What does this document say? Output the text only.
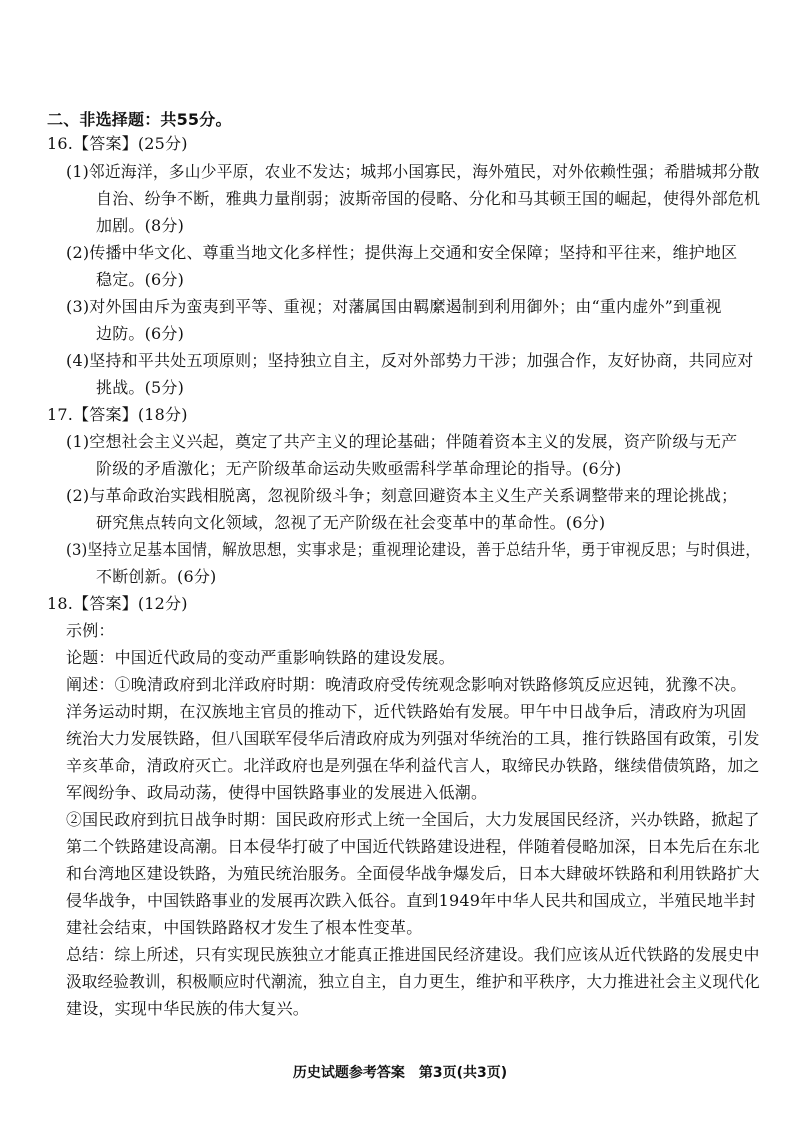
二、非选择题：共55分。
16.【答案】(25分)
(1)邻近海洋，多山少平原，农业不发达；城邦小国寡民，海外殖民，对外依赖性强；希腊城邦分散
自治、纷争不断，雅典力量削弱；波斯帝国的侵略、分化和马其顿王国的崛起，使得外部危机
加剧。(8分)
(2)传播中华文化、尊重当地文化多样性；提供海上交通和安全保障；坚持和平往来，维护地区
稳定。(6分)
(3)对外国由斥为蛮夷到平等、重视；对藩属国由羁縻遏制到利用御外；由“重内虚外”到重视
边防。(6分)
(4)坚持和平共处五项原则；坚持独立自主，反对外部势力干涉；加强合作，友好协商，共同应对
挑战。(5分)
17.【答案】(18分)
(1)空想社会主义兴起，奠定了共产主义的理论基础；伴随着资本主义的发展，资产阶级与无产
阶级的矛盾激化；无产阶级革命运动失败亟需科学革命理论的指导。(6分)
(2)与革命政治实践相脱离，忽视阶级斗争；刻意回避资本主义生产关系调整带来的理论挑战；
研究焦点转向文化领域，忽视了无产阶级在社会变革中的革命性。(6分)
(3)坚持立足基本国情，解放思想，实事求是；重视理论建设，善于总结升华，勇于审视反思；与时俱进，
不断创新。(6分)
18.【答案】(12分)
示例：
论题：中国近代政局的变动严重影响铁路的建设发展。
阐述：①晚清政府到北洋政府时期：晚清政府受传统观念影响对铁路修筑反应迟钝，犹豫不决。
洋务运动时期，在汉族地主官员的推动下，近代铁路始有发展。甲午中日战争后，清政府为巩固
统治大力发展铁路，但八国联军侵华后清政府成为列强对华统治的工具，推行铁路国有政策，引发
辛亥革命，清政府灭亡。北洋政府也是列强在华利益代言人，取缔民办铁路，继续借债筑路，加之
军阀纷争、政局动荡，使得中国铁路事业的发展进入低潮。
②国民政府到抗日战争时期：国民政府形式上统一全国后，大力发展国民经济，兴办铁路，掀起了
第二个铁路建设高潮。日本侵华打破了中国近代铁路建设进程，伴随着侵略加深，日本先后在东北
和台湾地区建设铁路，为殖民统治服务。全面侵华战争爆发后，日本大肆破坏铁路和利用铁路扩大
侵华战争，中国铁路事业的发展再次跌入低谷。直到1949年中华人民共和国成立，半殖民地半封
建社会结束，中国铁路路权才发生了根本性变革。
总结：综上所述，只有实现民族独立才能真正推进国民经济建设。我们应该从近代铁路的发展史中
汲取经验教训，积极顺应时代潮流，独立自主，自力更生，维护和平秩序，大力推进社会主义现代化
建设，实现中华民族的伟大复兴。
历史试题参考答案　第3页(共3页)
